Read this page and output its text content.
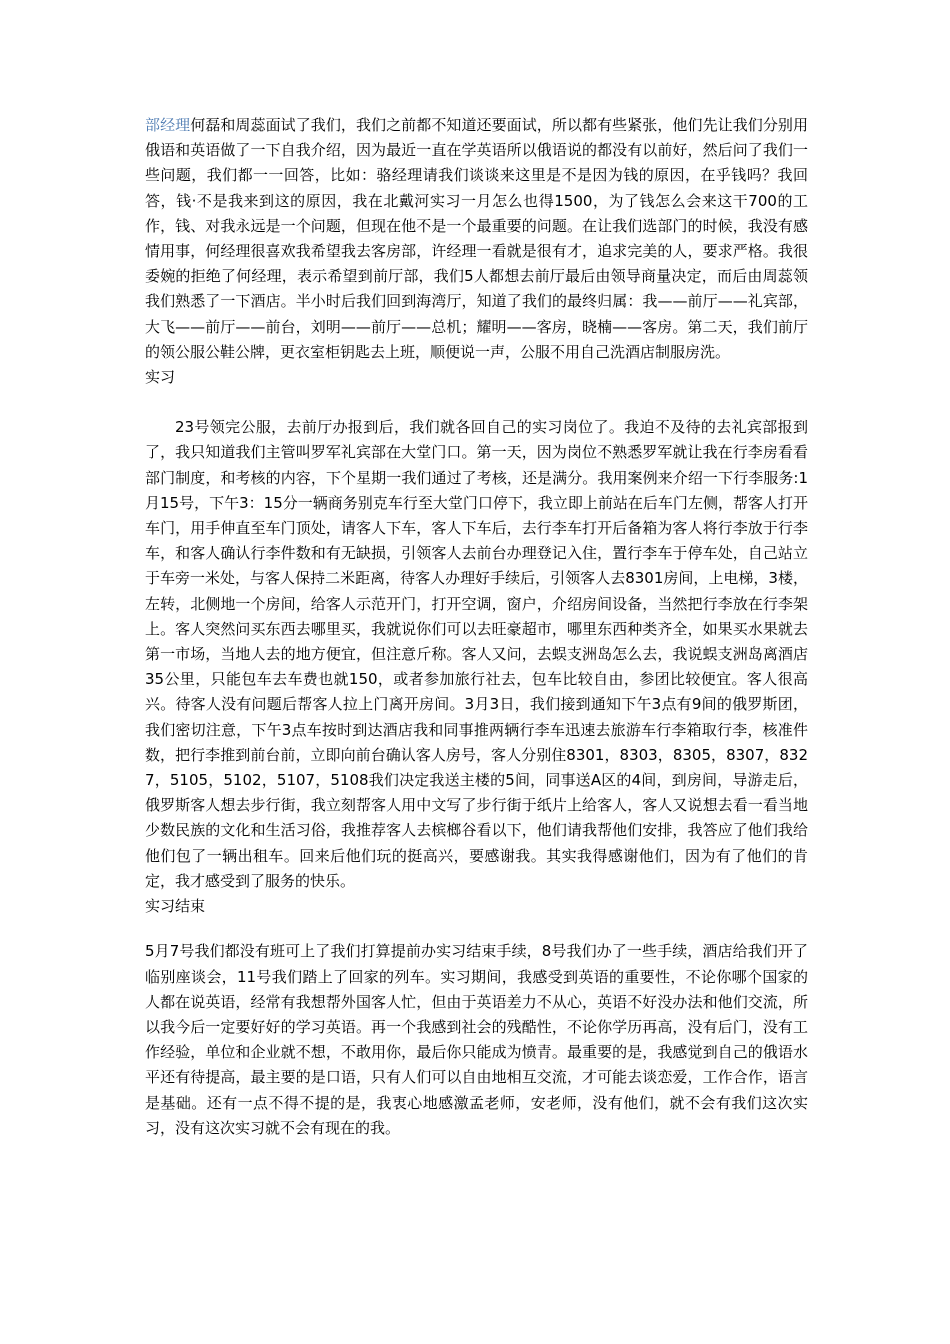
部经理何磊和周蕊面试了我们，我们之前都不知道还要面试，所以都有些紧张，他们先让我们分别用俄语和英语做了一下自我介绍，因为最近一直在学英语所以俄语说的都没有以前好，然后问了我们一些问题，我们都一一回答，比如：骆经理请我们谈谈来这里是不是因为钱的原因，在乎钱吗？我回答，钱·不是我来到这的原因，我在北戴河实习一月怎么也得1500，为了钱怎么会来这干700的工作，钱、对我永远是一个问题，但现在他不是一个最重要的问题。在让我们选部门的时候，我没有感情用事，何经理很喜欢我希望我去客房部，许经理一看就是很有才，追求完美的人，要求严格。我很委婉的拒绝了何经理，表示希望到前厅部，我们5人都想去前厅最后由领导商量决定，而后由周蕊领我们熟悉了一下酒店。半小时后我们回到海湾厅，知道了我们的最终归属：我——前厅——礼宾部，大飞——前厅——前台，刘明——前厅——总机；耀明——客房，晓楠——客房。第二天，我们前厅的领公服公鞋公牌，更衣室柜钥匙去上班，顺便说一声，公服不用自己洗酒店制服房洗。

实习

23号领完公服，去前厅办报到后，我们就各回自己的实习岗位了。我迫不及待的去礼宾部报到了，我只知道我们主管叫罗军礼宾部在大堂门口。第一天，因为岗位不熟悉罗军就让我在行李房看看部门制度，和考核的内容，下个星期一我们通过了考核，还是满分。我用案例来介绍一下行李服务:1月15号，下午3：15分一辆商务别克车行至大堂门口停下，我立即上前站在后车门左侧，帮客人打开车门，用手伸直至车门顶处，请客人下车，客人下车后，去行李车打开后备箱为客人将行李放于行李车，和客人确认行李件数和有无缺损，引领客人去前台办理登记入住，置行李车于停车处，自己站立于车旁一米处，与客人保持二米距离，待客人办理好手续后，引领客人去8301房间，上电梯，3楼，左转，北侧地一个房间，给客人示范开门，打开空调，窗户，介绍房间设备，当然把行李放在行李架上。客人突然问买东西去哪里买，我就说你们可以去旺豪超市，哪里东西种类齐全，如果买水果就去第一市场，当地人去的地方便宜，但注意斤称。客人又问，去蜈支洲岛怎么去，我说蜈支洲岛离酒店35公里，只能包车去车费也就150，或者参加旅行社去，包车比较自由，参团比较便宜。客人很高兴。待客人没有问题后帮客人拉上门离开房间。3月3日，我们接到通知下午3点有9间的俄罗斯团，我们密切注意，下午3点车按时到达酒店我和同事推两辆行李车迅速去旅游车行李箱取行李，核准件数，把行李推到前台前，立即向前台确认客人房号，客人分别住8301，8303，8305，8307，8327，5105，5102，5107，5108我们决定我送主楼的5间，同事送A区的4间，到房间，导游走后，俄罗斯客人想去步行街，我立刻帮客人用中文写了步行街于纸片上给客人，客人又说想去看一看当地少数民族的文化和生活习俗，我推荐客人去槟榔谷看以下，他们请我帮他们安排，我答应了他们我给他们包了一辆出租车。回来后他们玩的挺高兴，要感谢我。其实我得感谢他们，因为有了他们的肯定，我才感受到了服务的快乐。

实习结束

5月7号我们都没有班可上了我们打算提前办实习结束手续，8号我们办了一些手续，酒店给我们开了临别座谈会，11号我们踏上了回家的列车。实习期间，我感受到英语的重要性，不论你哪个国家的人都在说英语，经常有我想帮外国客人忙，但由于英语差力不从心，英语不好没办法和他们交流，所以我今后一定要好好的学习英语。再一个我感到社会的残酷性，不论你学历再高，没有后门，没有工作经验，单位和企业就不想，不敢用你，最后你只能成为愤青。最重要的是，我感觉到自己的俄语水平还有待提高，最主要的是口语，只有人们可以自由地相互交流，才可能去谈恋爱，工作合作，语言是基础。还有一点不得不提的是，我衷心地感激孟老师，安老师，没有他们，就不会有我们这次实习，没有这次实习就不会有现在的我。
